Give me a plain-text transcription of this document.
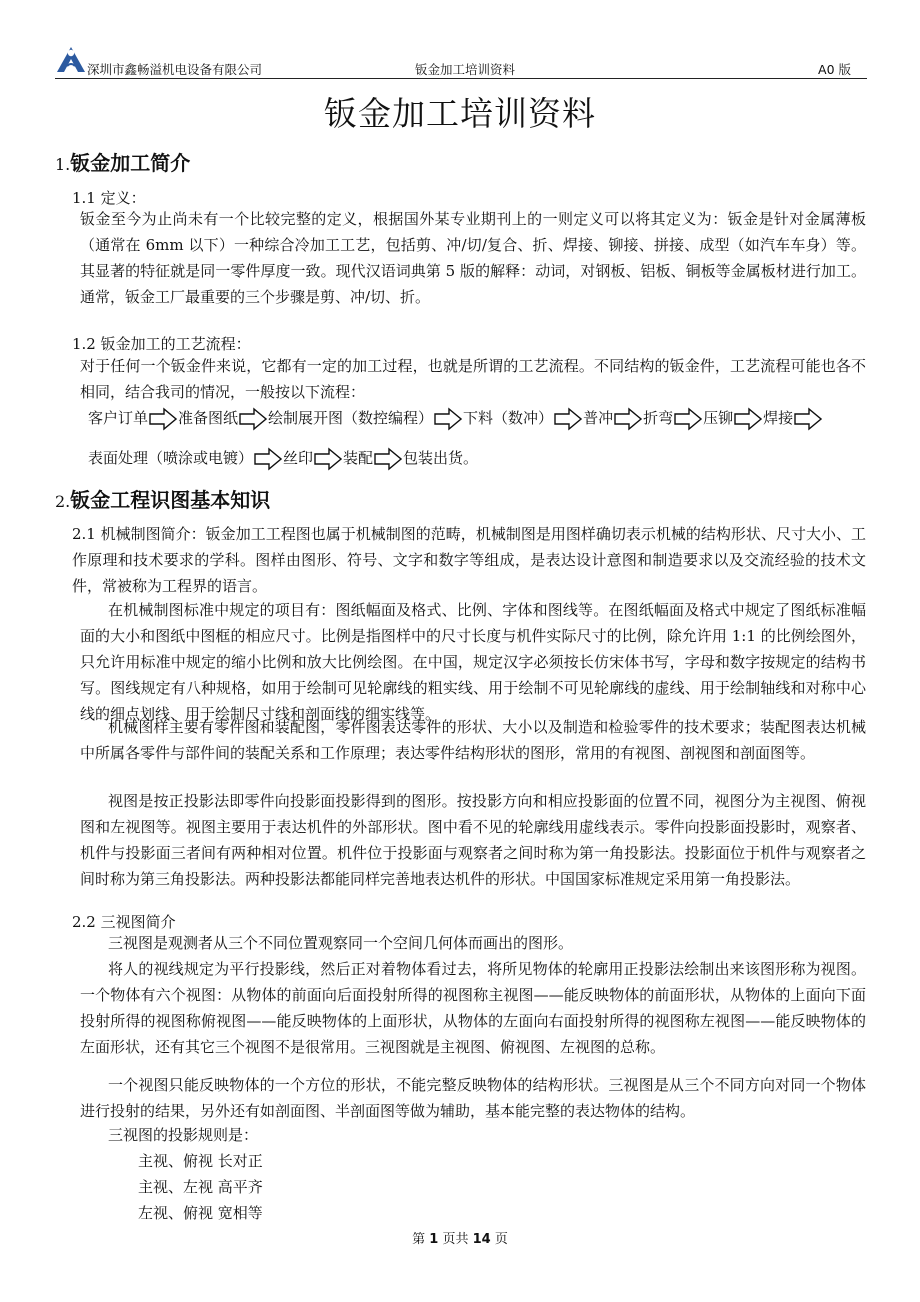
深圳市鑫畅溢机电设备有限公司	钣金加工培训资料	A0 版
钣金加工培训资料
1.钣金加工简介
1.1 定义：
钣金至今为止尚未有一个比较完整的定义，根据国外某专业期刊上的一则定义可以将其定义为：钣金是针对金属薄板（通常在 6mm 以下）一种综合冷加工工艺，包括剪、冲/切/复合、折、焊接、铆接、拼接、成型（如汽车车身）等。其显著的特征就是同一零件厚度一致。现代汉语词典第 5 版的解释：动词，对钢板、铝板、铜板等金属板材进行加工。通常，钣金工厂最重要的三个步骤是剪、冲/切、折。
1.2 钣金加工的工艺流程：
对于任何一个钣金件来说，它都有一定的加工过程，也就是所谓的工艺流程。不同结构的钣金件，工艺流程可能也各不相同，结合我司的情况，一般按以下流程：
客户订单 准备图纸 绘制展开图（数控编程） 下料（数冲） 普冲 折弯 压铆 焊接表面处理（喷涂或电镀） 丝印 装配 包装出货。
2.钣金工程识图基本知识
2.1 机械制图简介：钣金加工工程图也属于机械制图的范畴，机械制图是用图样确切表示机械的结构形状、尺寸大小、工作原理和技术要求的学科。图样由图形、符号、文字和数字等组成，是表达设计意图和制造要求以及交流经验的技术文件，常被称为工程界的语言。
在机械制图标准中规定的项目有：图纸幅面及格式、比例、字体和图线等。在图纸幅面及格式中规定了图纸标准幅面的大小和图纸中图框的相应尺寸。比例是指图样中的尺寸长度与机件实际尺寸的比例，除允许用 1:1 的比例绘图外，只允许用标准中规定的缩小比例和放大比例绘图。在中国，规定汉字必须按长仿宋体书写，字母和数字按规定的结构书写。图线规定有八种规格，如用于绘制可见轮廓线的粗实线、用于绘制不可见轮廓线的虚线、用于绘制轴线和对称中心线的细点划线、用于绘制尺寸线和剖面线的细实线等。
机械图样主要有零件图和装配图，零件图表达零件的形状、大小以及制造和检验零件的技术要求；装配图表达机械中所属各零件与部件间的装配关系和工作原理；表达零件结构形状的图形，常用的有视图、剖视图和剖面图等。
视图是按正投影法即零件向投影面投影得到的图形。按投影方向和相应投影面的位置不同，视图分为主视图、俯视图和左视图等。视图主要用于表达机件的外部形状。图中看不见的轮廓线用虚线表示。零件向投影面投影时，观察者、机件与投影面三者间有两种相对位置。机件位于投影面与观察者之间时称为第一角投影法。投影面位于机件与观察者之间时称为第三角投影法。两种投影法都能同样完善地表达机件的形状。中国国家标准规定采用第一角投影法。
2.2 三视图简介
三视图是观测者从三个不同位置观察同一个空间几何体而画出的图形。
将人的视线规定为平行投影线，然后正对着物体看过去，将所见物体的轮廓用正投影法绘制出来该图形称为视图。一个物体有六个视图：从物体的前面向后面投射所得的视图称主视图——能反映物体的前面形状，从物体的上面向下面投射所得的视图称俯视图——能反映物体的上面形状，从物体的左面向右面投射所得的视图称左视图——能反映物体的左面形状，还有其它三个视图不是很常用。三视图就是主视图、俯视图、左视图的总称。
一个视图只能反映物体的一个方位的形状，不能完整反映物体的结构形状。三视图是从三个不同方向对同一个物体进行投射的结果，另外还有如剖面图、半剖面图等做为辅助，基本能完整的表达物体的结构。
三视图的投影规则是：
主视、俯视 长对正
主视、左视 高平齐
左视、俯视 宽相等
第 1 页共 14 页
